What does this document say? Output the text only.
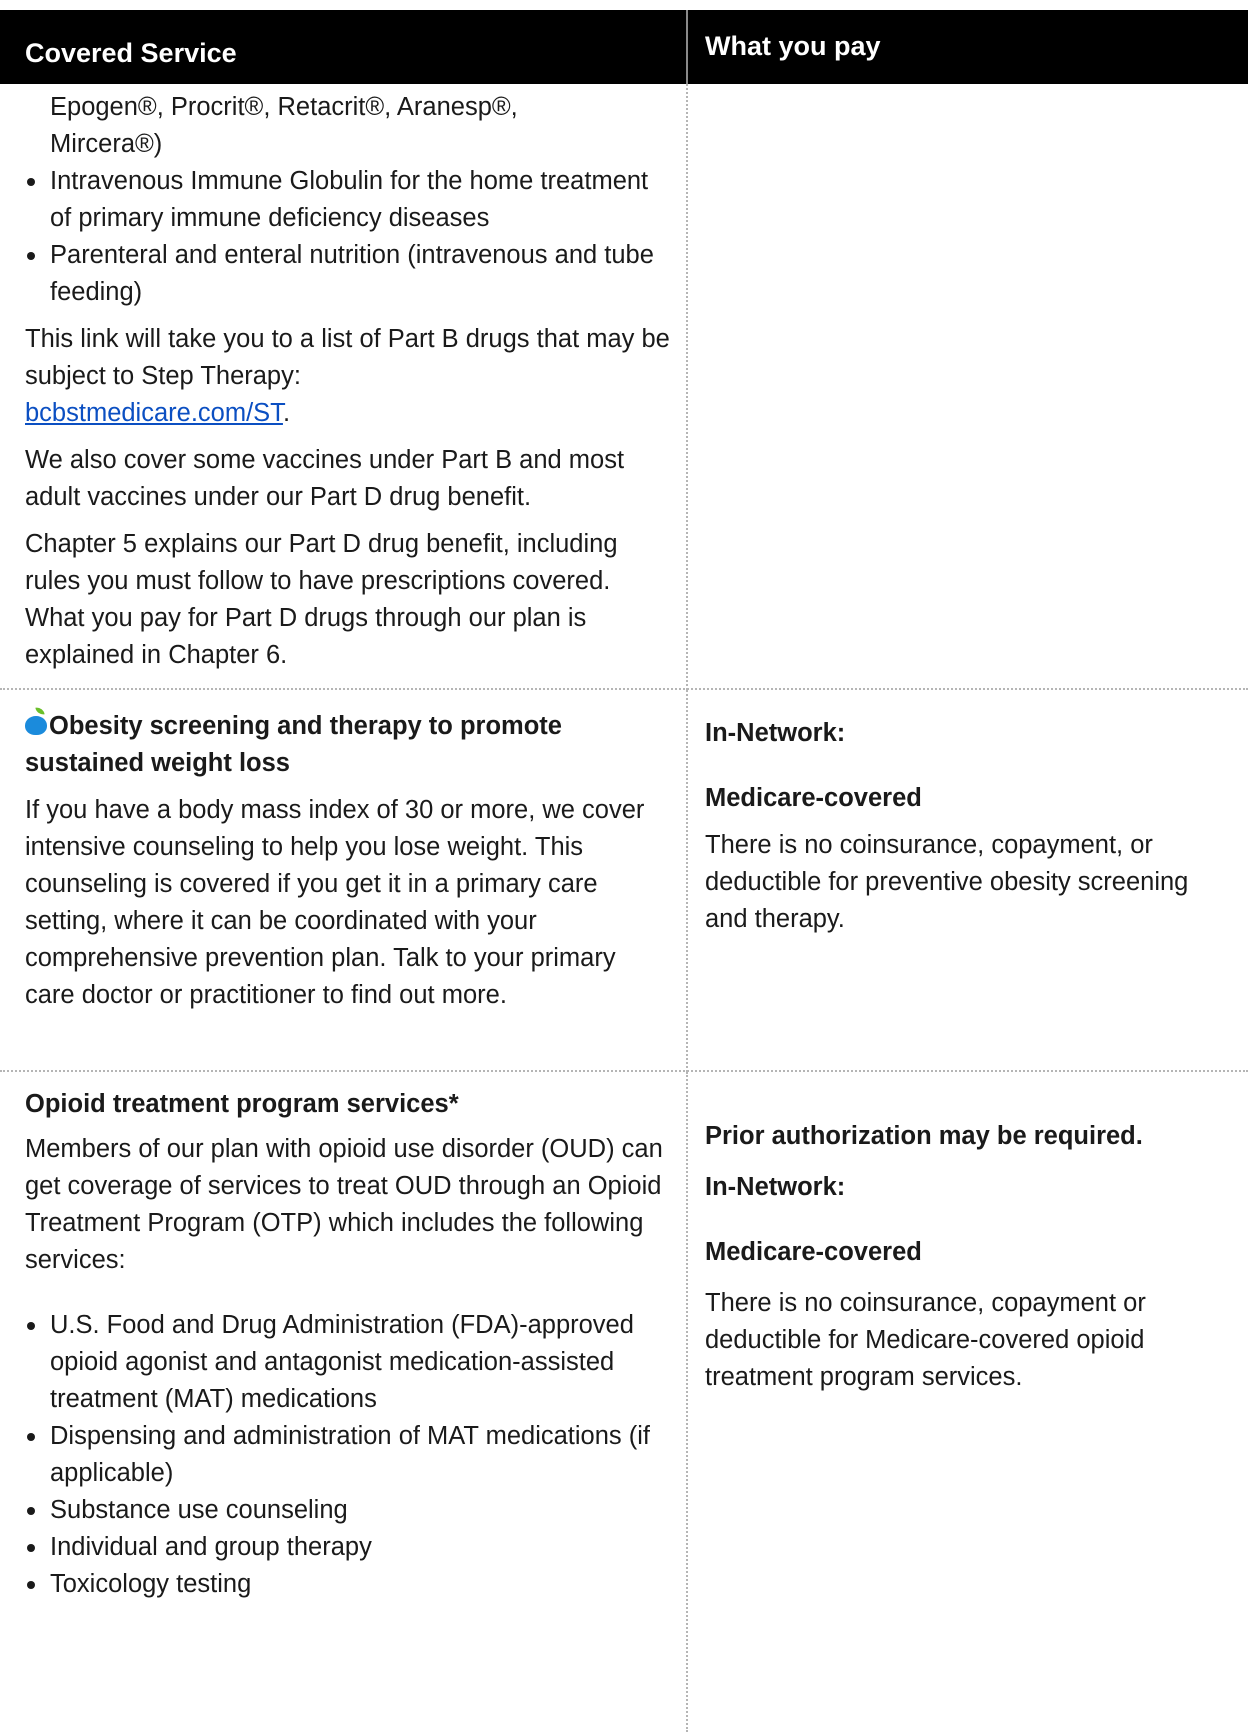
Covered Service	What you pay

Epogen®, Procrit®, Retacrit®, Aranesp®,

Mircera®)

Intravenous Immune Globulin for the home treatment of primary immune deficiency diseases
Parenteral and enteral nutrition (intravenous and tube feeding)

This link will take you to a list of Part B drugs that may be subject to Step Therapy:
bcbstmedicare.com/ST.

We also cover some vaccines under Part B and most adult vaccines under our Part D drug benefit.

Chapter 5 explains our Part D drug benefit, including rules you must follow to have prescriptions covered. What you pay for Part D drugs through our plan is explained in Chapter 6.

Obesity screening and therapy to promote sustained weight loss

If you have a body mass index of 30 or more, we cover intensive counseling to help you lose weight. This counseling is covered if you get it in a primary care setting, where it can be coordinated with your comprehensive prevention plan. Talk to your primary care doctor or practitioner to find out more.

In-Network:

Medicare-covered

There is no coinsurance, copayment, or deductible for preventive obesity screening and therapy.

Opioid treatment program services*

Members of our plan with opioid use disorder (OUD) can get coverage of services to treat OUD through an Opioid Treatment Program (OTP) which includes the following services:

U.S. Food and Drug Administration (FDA)-approved opioid agonist and antagonist medication-assisted treatment (MAT) medications
Dispensing and administration of MAT medications (if applicable)
Substance use counseling
Individual and group therapy
Toxicology testing

Prior authorization may be required.

In-Network:

Medicare-covered

There is no coinsurance, copayment or deductible for Medicare-covered opioid treatment program services.
